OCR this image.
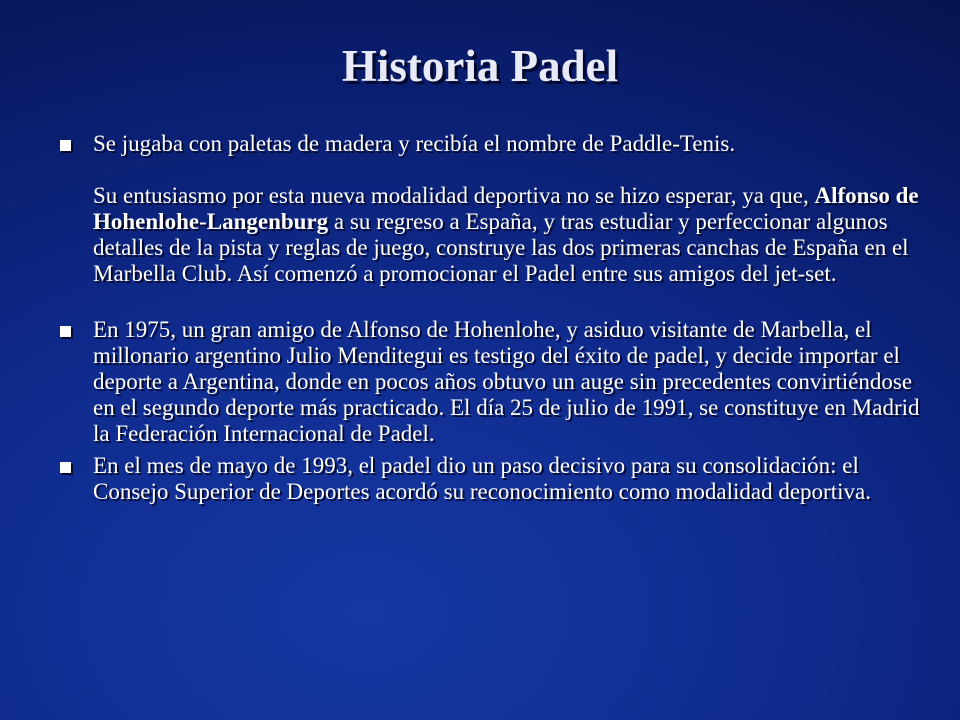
Historia Padel
Se jugaba con paletas de madera y recibía el nombre de Paddle-Tenis.
Su entusiasmo por esta nueva modalidad deportiva no se hizo esperar, ya que, Alfonso de Hohenlohe-Langenburg a su regreso a España, y tras estudiar y perfeccionar algunos detalles de la pista y reglas de juego, construye las dos primeras canchas de España en el Marbella Club. Así comenzó a promocionar el Padel entre sus amigos del jet-set.
En 1975, un gran amigo de Alfonso de Hohenlohe, y asiduo visitante de Marbella, el millonario argentino Julio Menditegui es testigo del éxito de padel, y decide importar el deporte a Argentina, donde en pocos años obtuvo un auge sin precedentes convirtiéndose en el segundo deporte más practicado. El día 25 de julio de 1991, se constituye en Madrid la Federación Internacional de Padel.
En el mes de mayo de 1993, el padel dio un paso decisivo para su consolidación: el Consejo Superior de Deportes acordó su reconocimiento como modalidad deportiva.
